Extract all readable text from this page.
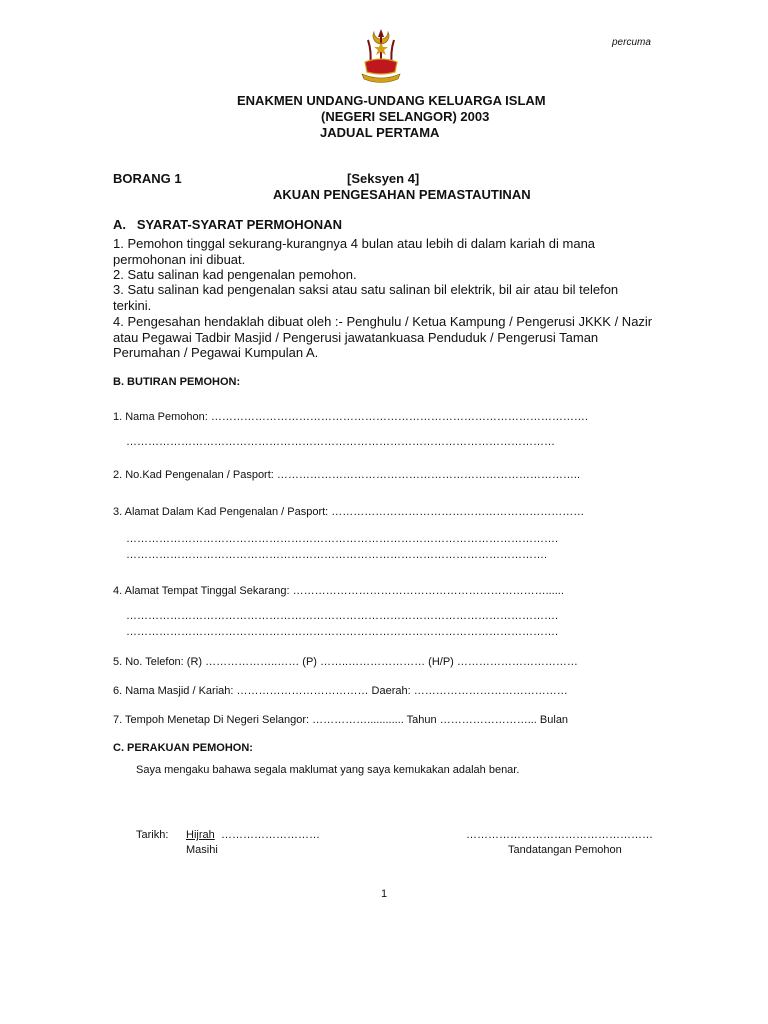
percuma
ENAKMEN UNDANG-UNDANG KELUARGA ISLAM
(NEGERI SELANGOR) 2003
JADUAL PERTAMA
BORANG 1	[Seksyen 4]
AKUAN PENGESAHAN PEMASTAUTINAN
A.   SYARAT-SYARAT PERMOHONAN
1. Pemohon tinggal sekurang-kurangnya 4 bulan atau lebih di dalam kariah di mana permohonan ini dibuat.
2. Satu salinan kad pengenalan pemohon.
3. Satu salinan kad pengenalan saksi atau satu salinan bil elektrik, bil air atau bil telefon terkini.
4. Pengesahan hendaklah dibuat oleh :- Penghulu / Ketua Kampung / Pengerusi JKKK / Nazir atau Pegawai Tadbir Masjid / Pengerusi jawatankuasa Penduduk / Pengerusi Taman Perumahan / Pegawai Kumpulan A.
B. BUTIRAN PEMOHON:
1. Nama Pemohon: ………………………………………………………………………………………….
………………………………………………………………………………………………………
2. No.Kad Pengenalan / Pasport: ………………………………………………………………………..
3. Alamat Dalam Kad Pengenalan / Pasport: ……………………………………………………………
……………………………………………………………………………………………………….
…………………………………………………………………………………………………….
4. Alamat Tempat Tinggal Sekarang: ……………………………………………………………......
……………………………………………………………………………………………………….
……………………………………………………………………………………………………….
5. No. Telefon: (R) ………………..…… (P) ……..………………… (H/P) ……………………………
6. Nama Masjid / Kariah: ……………………………… Daerah: ……………………………………
7. Tempoh Menetap Di Negeri Selangor: ……………............ Tahun ……………………... Bulan
C. PERAKUAN PEMOHON:
Saya mengaku bahawa segala maklumat yang saya kemukakan adalah benar.
Tarikh: Hijrah ………………………
Masihi
……………………………………………
Tandatangan Pemohon
1
